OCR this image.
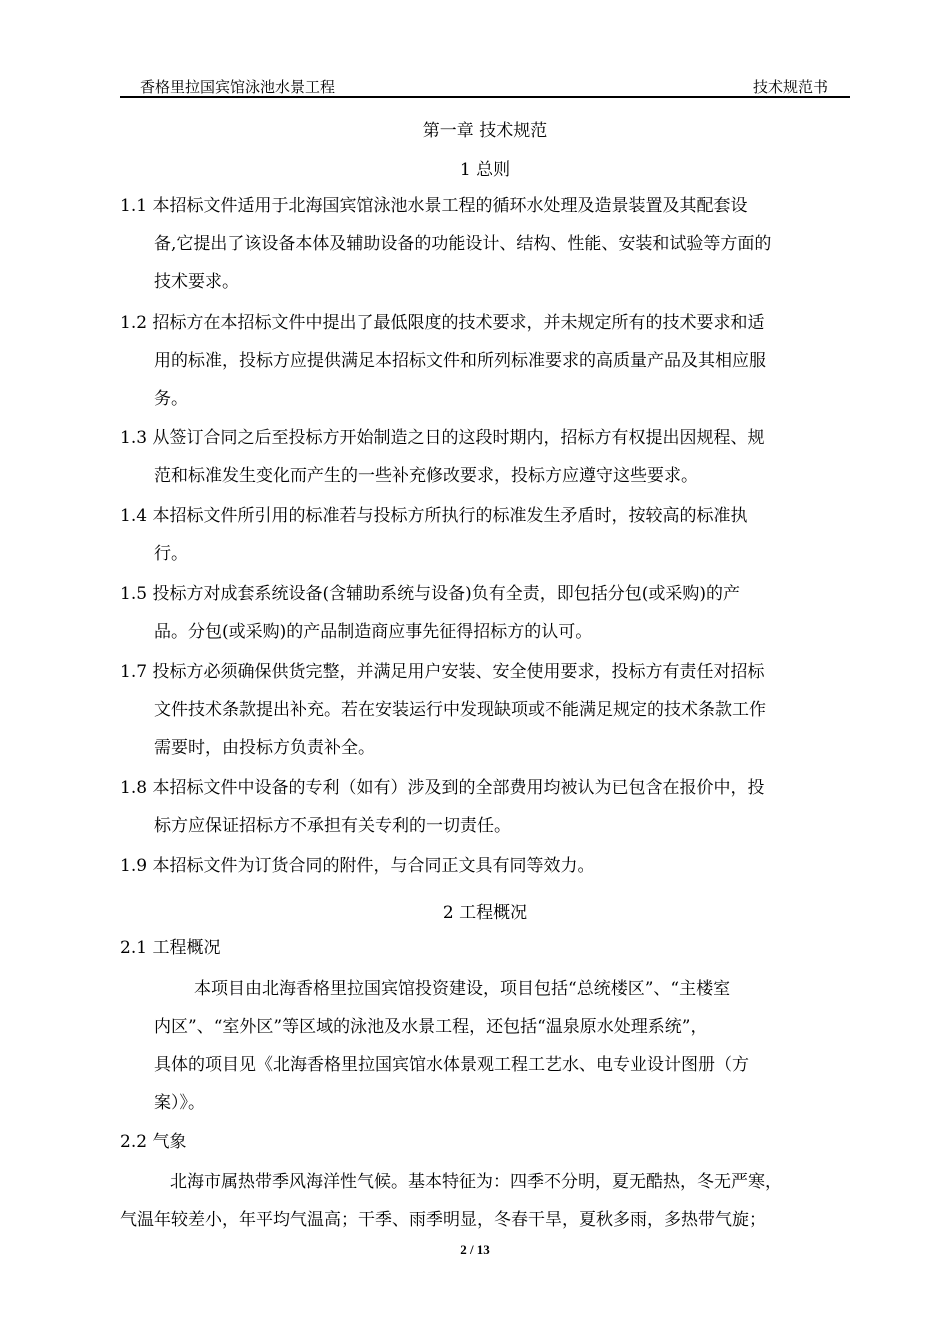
香格里拉国宾馆泳池水景工程	技术规范书
第一章 技术规范
1 总则
1.1 本招标文件适用于北海国宾馆泳池水景工程的循环水处理及造景装置及其配套设
备,它提出了该设备本体及辅助设备的功能设计、结构、性能、安装和试验等方面的
技术要求。
1.2 招标方在本招标文件中提出了最低限度的技术要求，并未规定所有的技术要求和适
用的标准，投标方应提供满足本招标文件和所列标准要求的高质量产品及其相应服
务。
1.3 从签订合同之后至投标方开始制造之日的这段时期内，招标方有权提出因规程、规
范和标准发生变化而产生的一些补充修改要求，投标方应遵守这些要求。
1.4 本招标文件所引用的标准若与投标方所执行的标准发生矛盾时，按较高的标准执
行。
1.5 投标方对成套系统设备(含辅助系统与设备)负有全责，即包括分包(或采购)的产
品。分包(或采购)的产品制造商应事先征得招标方的认可。
1.7 投标方必须确保供货完整，并满足用户安装、安全使用要求，投标方有责任对招标
文件技术条款提出补充。若在安装运行中发现缺项或不能满足规定的技术条款工作
需要时，由投标方负责补全。
1.8 本招标文件中设备的专利（如有）涉及到的全部费用均被认为已包含在报价中，投
标方应保证招标方不承担有关专利的一切责任。
1.9 本招标文件为订货合同的附件，与合同正文具有同等效力。
2 工程概况
2.1 工程概况
本项目由北海香格里拉国宾馆投资建设，项目包括“总统楼区”、“主楼室
内区”、“室外区”等区域的泳池及水景工程，还包括“温泉原水处理系统”，
具体的项目见《北海香格里拉国宾馆水体景观工程工艺水、电专业设计图册（方
案）》。
2.2 气象
北海市属热带季风海洋性气候。基本特征为：四季不分明，夏无酷热，冬无严寒，
气温年较差小，年平均气温高；干季、雨季明显，冬春干旱，夏秋多雨，多热带气旋；
2 / 13
